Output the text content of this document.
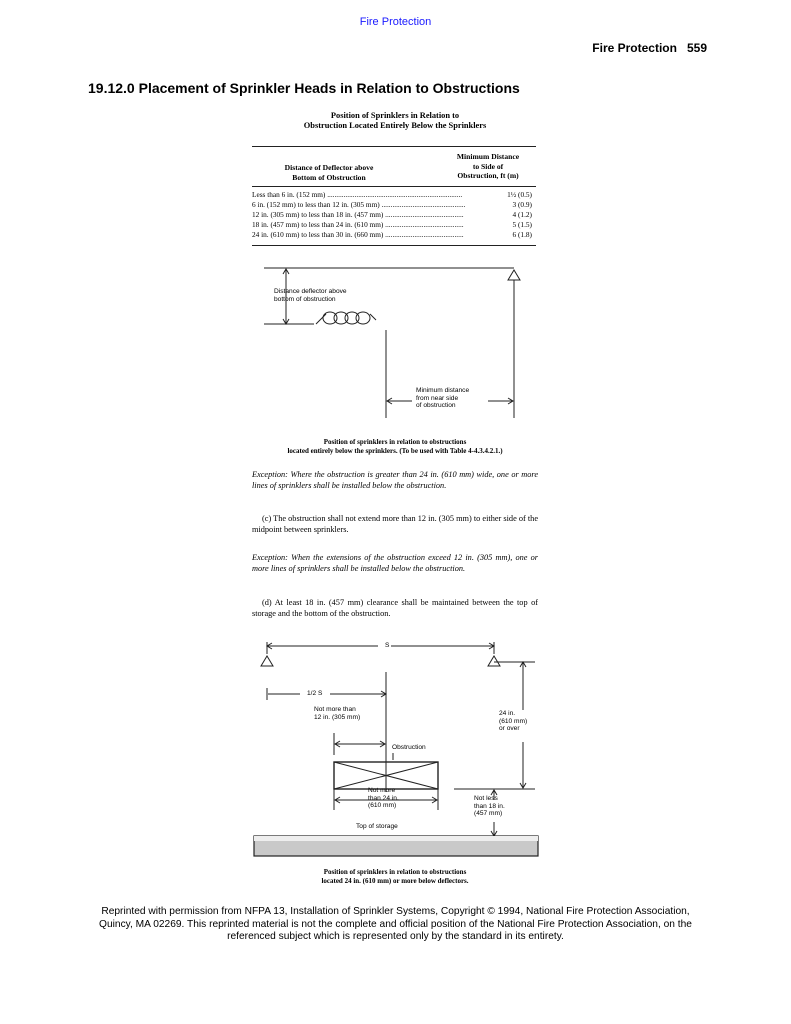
Fire Protection
Fire Protection 559
19.12.0 Placement of Sprinkler Heads in Relation to Obstructions
Position of Sprinklers in Relation to
Obstruction Located Entirely Below the Sprinklers
Distance of Deflector above
Bottom of Obstruction
Minimum Distance
to Side of
Obstruction, ft (m)
Less than 6 in. (152 mm) ..........................................................................	1½ (0.5)
6 in. (152 mm) to less than 12 in. (305 mm) ..............................................	3 (0.9)
12 in. (305 mm) to less than 18 in. (457 mm) ...........................................	4 (1.2)
18 in. (457 mm) to less than 24 in. (610 mm) ...........................................	5 (1.5)
24 in. (610 mm) to less than 30 in. (660 mm) ...........................................	6 (1.8)
Distance deflector above
bottom of obstruction
Minimum distance
from near side
of obstruction
Position of sprinklers in relation to obstructions
located entirely below the sprinklers. (To be used with Table 4-4.3.4.2.1.)
Exception: Where the obstruction is greater than 24 in. (610 mm) wide, one or more lines of sprinklers shall be installed below the obstruction.
(c) The obstruction shall not extend more than 12 in. (305 mm) to either side of the midpoint between sprinklers.
Exception: When the extensions of the obstruction exceed 12 in. (305 mm), one or more lines of sprinklers shall be installed below the obstruction.
(d) At least 18 in. (457 mm) clearance shall be maintained between the top of storage and the bottom of the obstruction.
S
1/2 S
Not more than
12 in. (305 mm)
24 in.
(610 mm)
or over
Obstruction
Not more
than 24 in.
(610 mm)
Not less
than 18 in.
(457 mm)
Top of storage
Position of sprinklers in relation to obstructions
located 24 in. (610 mm) or more below deflectors.
Reprinted with permission from NFPA 13, Installation of Sprinkler Systems, Copyright © 1994, National Fire Protection Association,
Quincy, MA 02269. This reprinted material is not the complete and official position of the National Fire Protection Association, on the
referenced subject which is represented only by the standard in its entirety.
